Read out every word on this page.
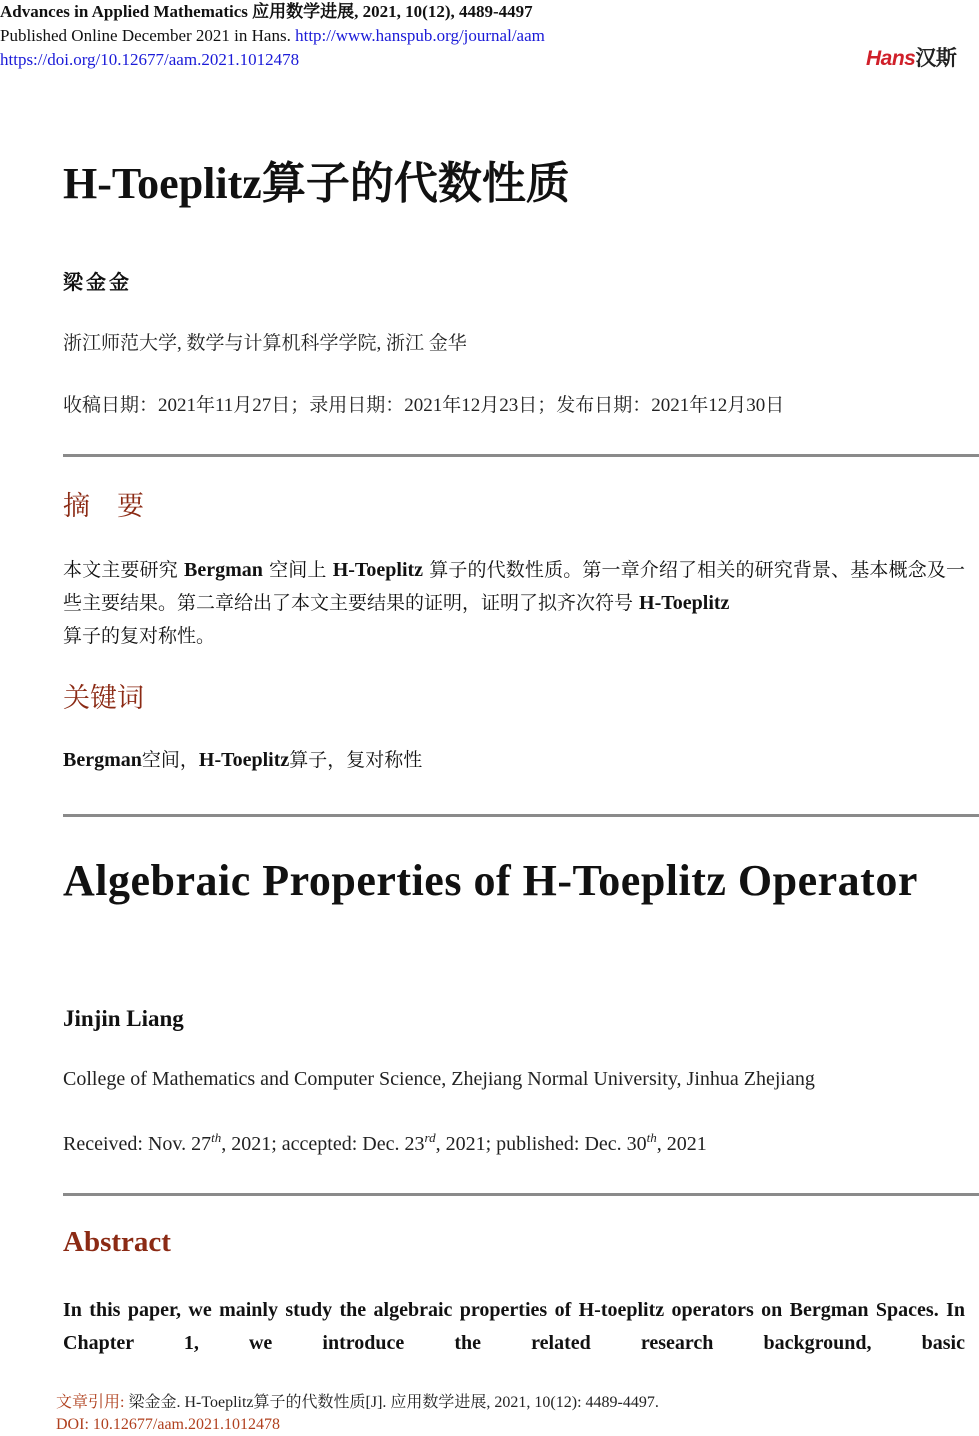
Advances in Applied Mathematics 应用数学进展, 2021, 10(12), 4489-4497
Published Online December 2021 in Hans. http://www.hanspub.org/journal/aam
https://doi.org/10.12677/aam.2021.1012478	Hans汉斯
H-Toeplitz算子的代数性质
梁金金
浙江师范大学, 数学与计算机科学学院, 浙江 金华
收稿日期：2021年11月27日；录用日期：2021年12月23日；发布日期：2021年12月30日
摘　要
本文主要研究 Bergman 空间上 H-Toeplitz 算子的代数性质。第一章介绍了相关的研究背景、基本概念及一些主要结果。第二章给出了本文主要结果的证明，证明了拟齐次符号 H-Toeplitz
算子的复对称性。
关键词
Bergman空间，H-Toeplitz算子，复对称性
Algebraic Properties of H-Toeplitz Operator
Jinjin Liang
College of Mathematics and Computer Science, Zhejiang Normal University, Jinhua Zhejiang
Received: Nov. 27th, 2021; accepted: Dec. 23rd, 2021; published: Dec. 30th, 2021
Abstract
In this paper, we mainly study the algebraic properties of H-toeplitz operators on Bergman Spaces. In Chapter 1, we introduce the related research background, basic
文章引用: 梁金金. H-Toeplitz算子的代数性质[J]. 应用数学进展, 2021, 10(12): 4489-4497.
DOI: 10.12677/aam.2021.1012478
